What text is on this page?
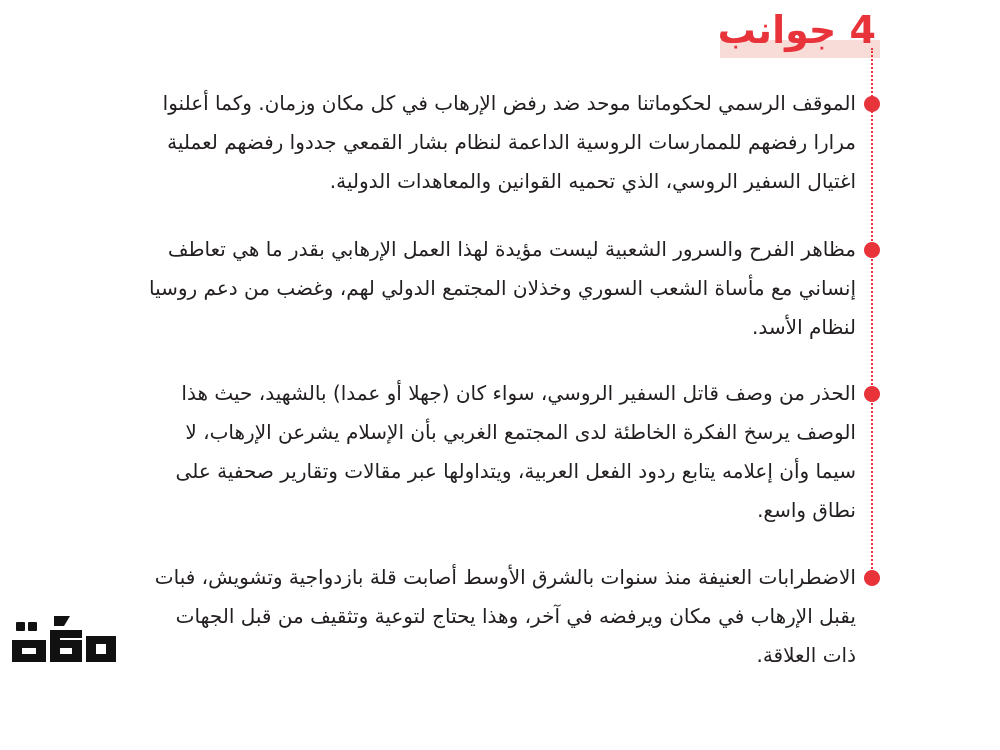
4 جوانب
الموقف الرسمي لحكوماتنا موحد ضد رفض الإرهاب في كل مكان وزمان. وكما أعلنوا مرارا رفضهم للممارسات الروسية الداعمة لنظام بشار القمعي جددوا رفضهم لعملية اغتيال السفير الروسي، الذي تحميه القوانين والمعاهدات الدولية.
مظاهر الفرح والسرور الشعبية ليست مؤيدة لهذا العمل الإرهابي بقدر ما هي تعاطف إنساني مع مأساة الشعب السوري وخذلان المجتمع الدولي لهم، وغضب من دعم روسيا لنظام الأسد.
الحذر من وصف قاتل السفير الروسي، سواء كان (جهلا أو عمدا) بالشهيد، حيث هذا الوصف يرسخ الفكرة الخاطئة لدى المجتمع الغربي بأن الإسلام يشرعن الإرهاب، لا سيما وأن إعلامه يتابع ردود الفعل العربية، ويتداولها عبر مقالات وتقارير صحفية على نطاق واسع.
الاضطرابات العنيفة منذ سنوات بالشرق الأوسط أصابت قلة بازدواجية وتشويش، فبات يقبل الإرهاب في مكان ويرفضه في آخر، وهذا يحتاج لتوعية وتثقيف من قبل الجهات ذات العلاقة.
